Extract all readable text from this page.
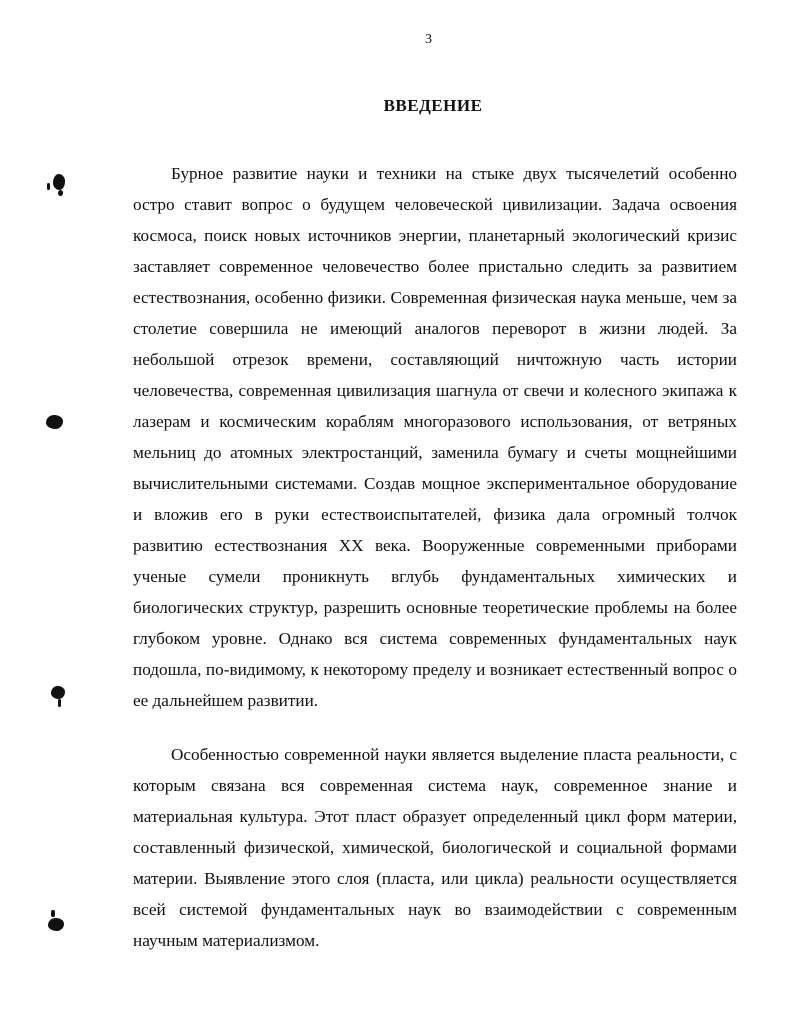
3
ВВЕДЕНИЕ

Бурное развитие науки и техники на стыке двух тысячелетий особенно остро ставит вопрос о будущем человеческой цивилизации. Задача освоения космоса, поиск новых источников энергии, планетарный экологический кризис заставляет современное человечество более пристально следить за развитием естествознания, особенно физики. Современная физическая наука меньше, чем за столетие совершила не имеющий аналогов переворот в жизни людей. За небольшой отрезок времени, составляющий ничтожную часть истории человечества, современная цивилизация шагнула от свечи и колесного экипажа к лазерам и космическим кораблям многоразового использования, от ветряных мельниц до атомных электростанций, заменила бумагу и счеты мощнейшими вычислительными системами. Создав мощное экспериментальное оборудование и вложив его в руки естествоиспытателей, физика дала огромный толчок развитию естествознания XX века. Вооруженные современными приборами ученые сумели проникнуть вглубь фундаментальных химических и биологических структур, разрешить основные теоретические проблемы на более глубоком уровне. Однако вся система современных фундаментальных наук подошла, по-видимому, к некоторому пределу и возникает естественный вопрос о ее дальнейшем развитии.

Особенностью современной науки является выделение пласта реальности, с которым связана вся современная система наук, современное знание и материальная культура. Этот пласт образует определенный цикл форм материи, составленный физической, химической, биологической и социальной формами материи. Выявление этого слоя (пласта, или цикла) реальности осуществляется всей системой фундаментальных наук во взаимодействии с современным научным материализмом.
